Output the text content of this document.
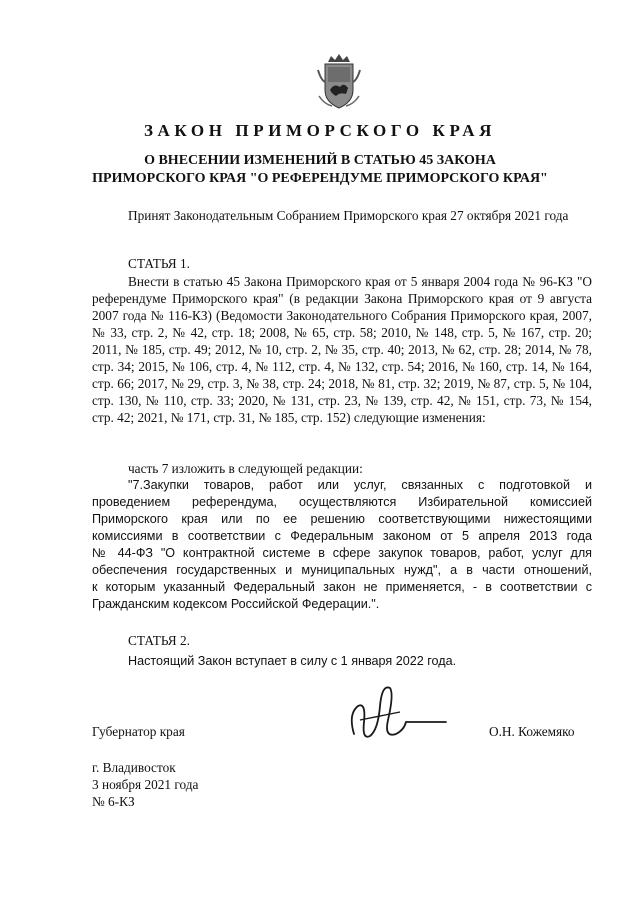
ЗАКОН ПРИМОРСКОГО КРАЯ
О ВНЕСЕНИИ ИЗМЕНЕНИЙ В СТАТЬЮ 45 ЗАКОНА
ПРИМОРСКОГО КРАЯ "О РЕФЕРЕНДУМЕ ПРИМОРСКОГО КРАЯ"
Принят Законодательным Собранием Приморского края 27 октября 2021 года
СТАТЬЯ 1.
Внести в статью 45 Закона Приморского края от 5 января 2004 года № 96-КЗ "О референдуме Приморского края" (в редакции Закона Приморского края от 9 августа 2007 года № 116-КЗ) (Ведомости Законодательного Собрания Приморского края, 2007, № 33, стр. 2, № 42, стр. 18; 2008, № 65, стр. 58; 2010, № 148, стр. 5, № 167, стр. 20; 2011, № 185, стр. 49; 2012, № 10, стр. 2, № 35, стр. 40; 2013, № 62, стр. 28; 2014, № 78, стр. 34; 2015, № 106, стр. 4, № 112, стр. 4, № 132, стр. 54; 2016, № 160, стр. 14, № 164, стр. 66; 2017, № 29, стр. 3, № 38, стр. 24; 2018, № 81, стр. 32; 2019, № 87, стр. 5, № 104, стр. 130, № 110, стр. 33; 2020, № 131, стр. 23, № 139, стр. 42, № 151, стр. 73, № 154, стр. 42; 2021, № 171, стр. 31, № 185, стр. 152) следующие изменения:
часть 7 изложить в следующей редакции:
"7.Закупки товаров, работ или услуг, связанных с подготовкой и
проведением референдума, осуществляются Избирательной комиссией
Приморского края или по ее решению соответствующими нижестоящими
комиссиями в соответствии с Федеральным законом от 5 апреля 2013 года
№ 44-ФЗ "О контрактной системе в сфере закупок товаров, работ, услуг для
обеспечения государственных и муниципальных нужд", а в части отношений,
к которым указанный Федеральный закон не применяется, - в соответствии с
Гражданским кодексом Российской Федерации.".
СТАТЬЯ 2.
Настоящий Закон вступает в силу с 1 января 2022 года.
Губернатор края	О.Н. Кожемяко
г. Владивосток
3 ноября 2021 года
№ 6-КЗ
